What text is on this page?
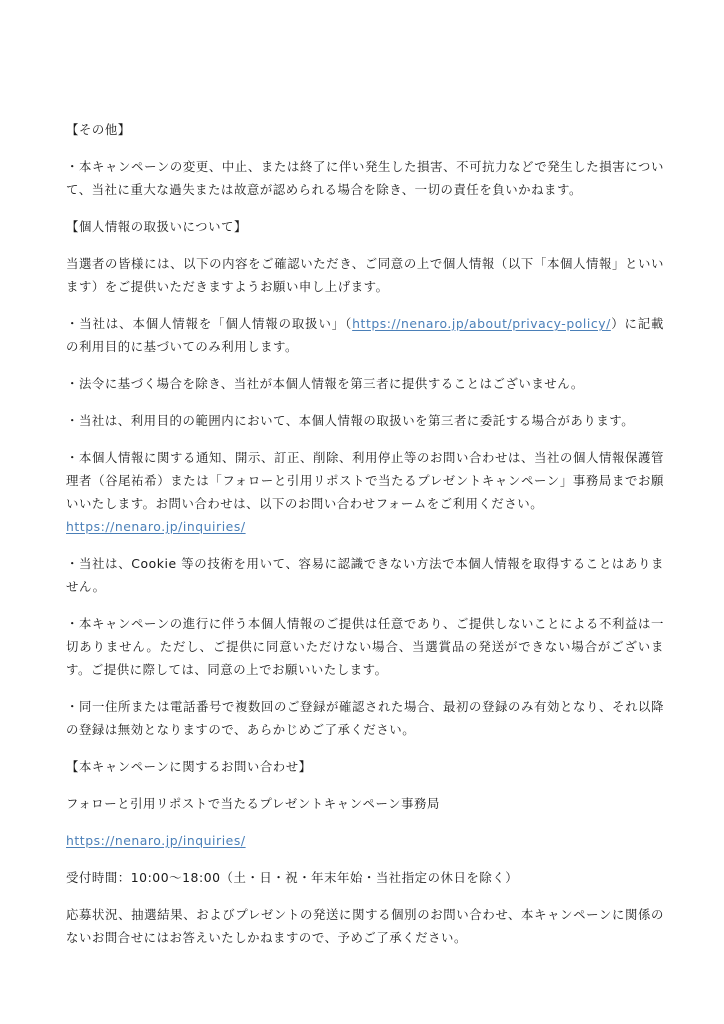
【その他】

・本キャンペーンの変更、中止、または終了に伴い発生した損害、不可抗力などで発生した損害について、当社に重大な過失または故意が認められる場合を除き、一切の責任を負いかねます。

【個人情報の取扱いについて】

当選者の皆様には、以下の内容をご確認いただき、ご同意の上で個人情報（以下「本個人情報」といいます）をご提供いただきますようお願い申し上げます。

・当社は、本個人情報を「個人情報の取扱い」（https://nenaro.jp/about/privacy-policy/）に記載の利用目的に基づいてのみ利用します。

・法令に基づく場合を除き、当社が本個人情報を第三者に提供することはございません。

・当社は、利用目的の範囲内において、本個人情報の取扱いを第三者に委託する場合があります。

・本個人情報に関する通知、開示、訂正、削除、利用停止等のお問い合わせは、当社の個人情報保護管理者（谷尾祐希）または「フォローと引用リポストで当たるプレゼントキャンペーン」事務局までお願いいたします。お問い合わせは、以下のお問い合わせフォームをご利用ください。
https://nenaro.jp/inquiries/

・当社は、Cookie 等の技術を用いて、容易に認識できない方法で本個人情報を取得することはありません。

・本キャンペーンの進行に伴う本個人情報のご提供は任意であり、ご提供しないことによる不利益は一切ありません。ただし、ご提供に同意いただけない場合、当選賞品の発送ができない場合がございます。ご提供に際しては、同意の上でお願いいたします。

・同一住所または電話番号で複数回のご登録が確認された場合、最初の登録のみ有効となり、それ以降の登録は無効となりますので、あらかじめご了承ください。

【本キャンペーンに関するお問い合わせ】

フォローと引用リポストで当たるプレゼントキャンペーン事務局

https://nenaro.jp/inquiries/

受付時間：10:00〜18:00（土・日・祝・年末年始・当社指定の休日を除く）

応募状況、抽選結果、およびプレゼントの発送に関する個別のお問い合わせ、本キャンペーンに関係のないお問合せにはお答えいたしかねますので、予めご了承ください。
